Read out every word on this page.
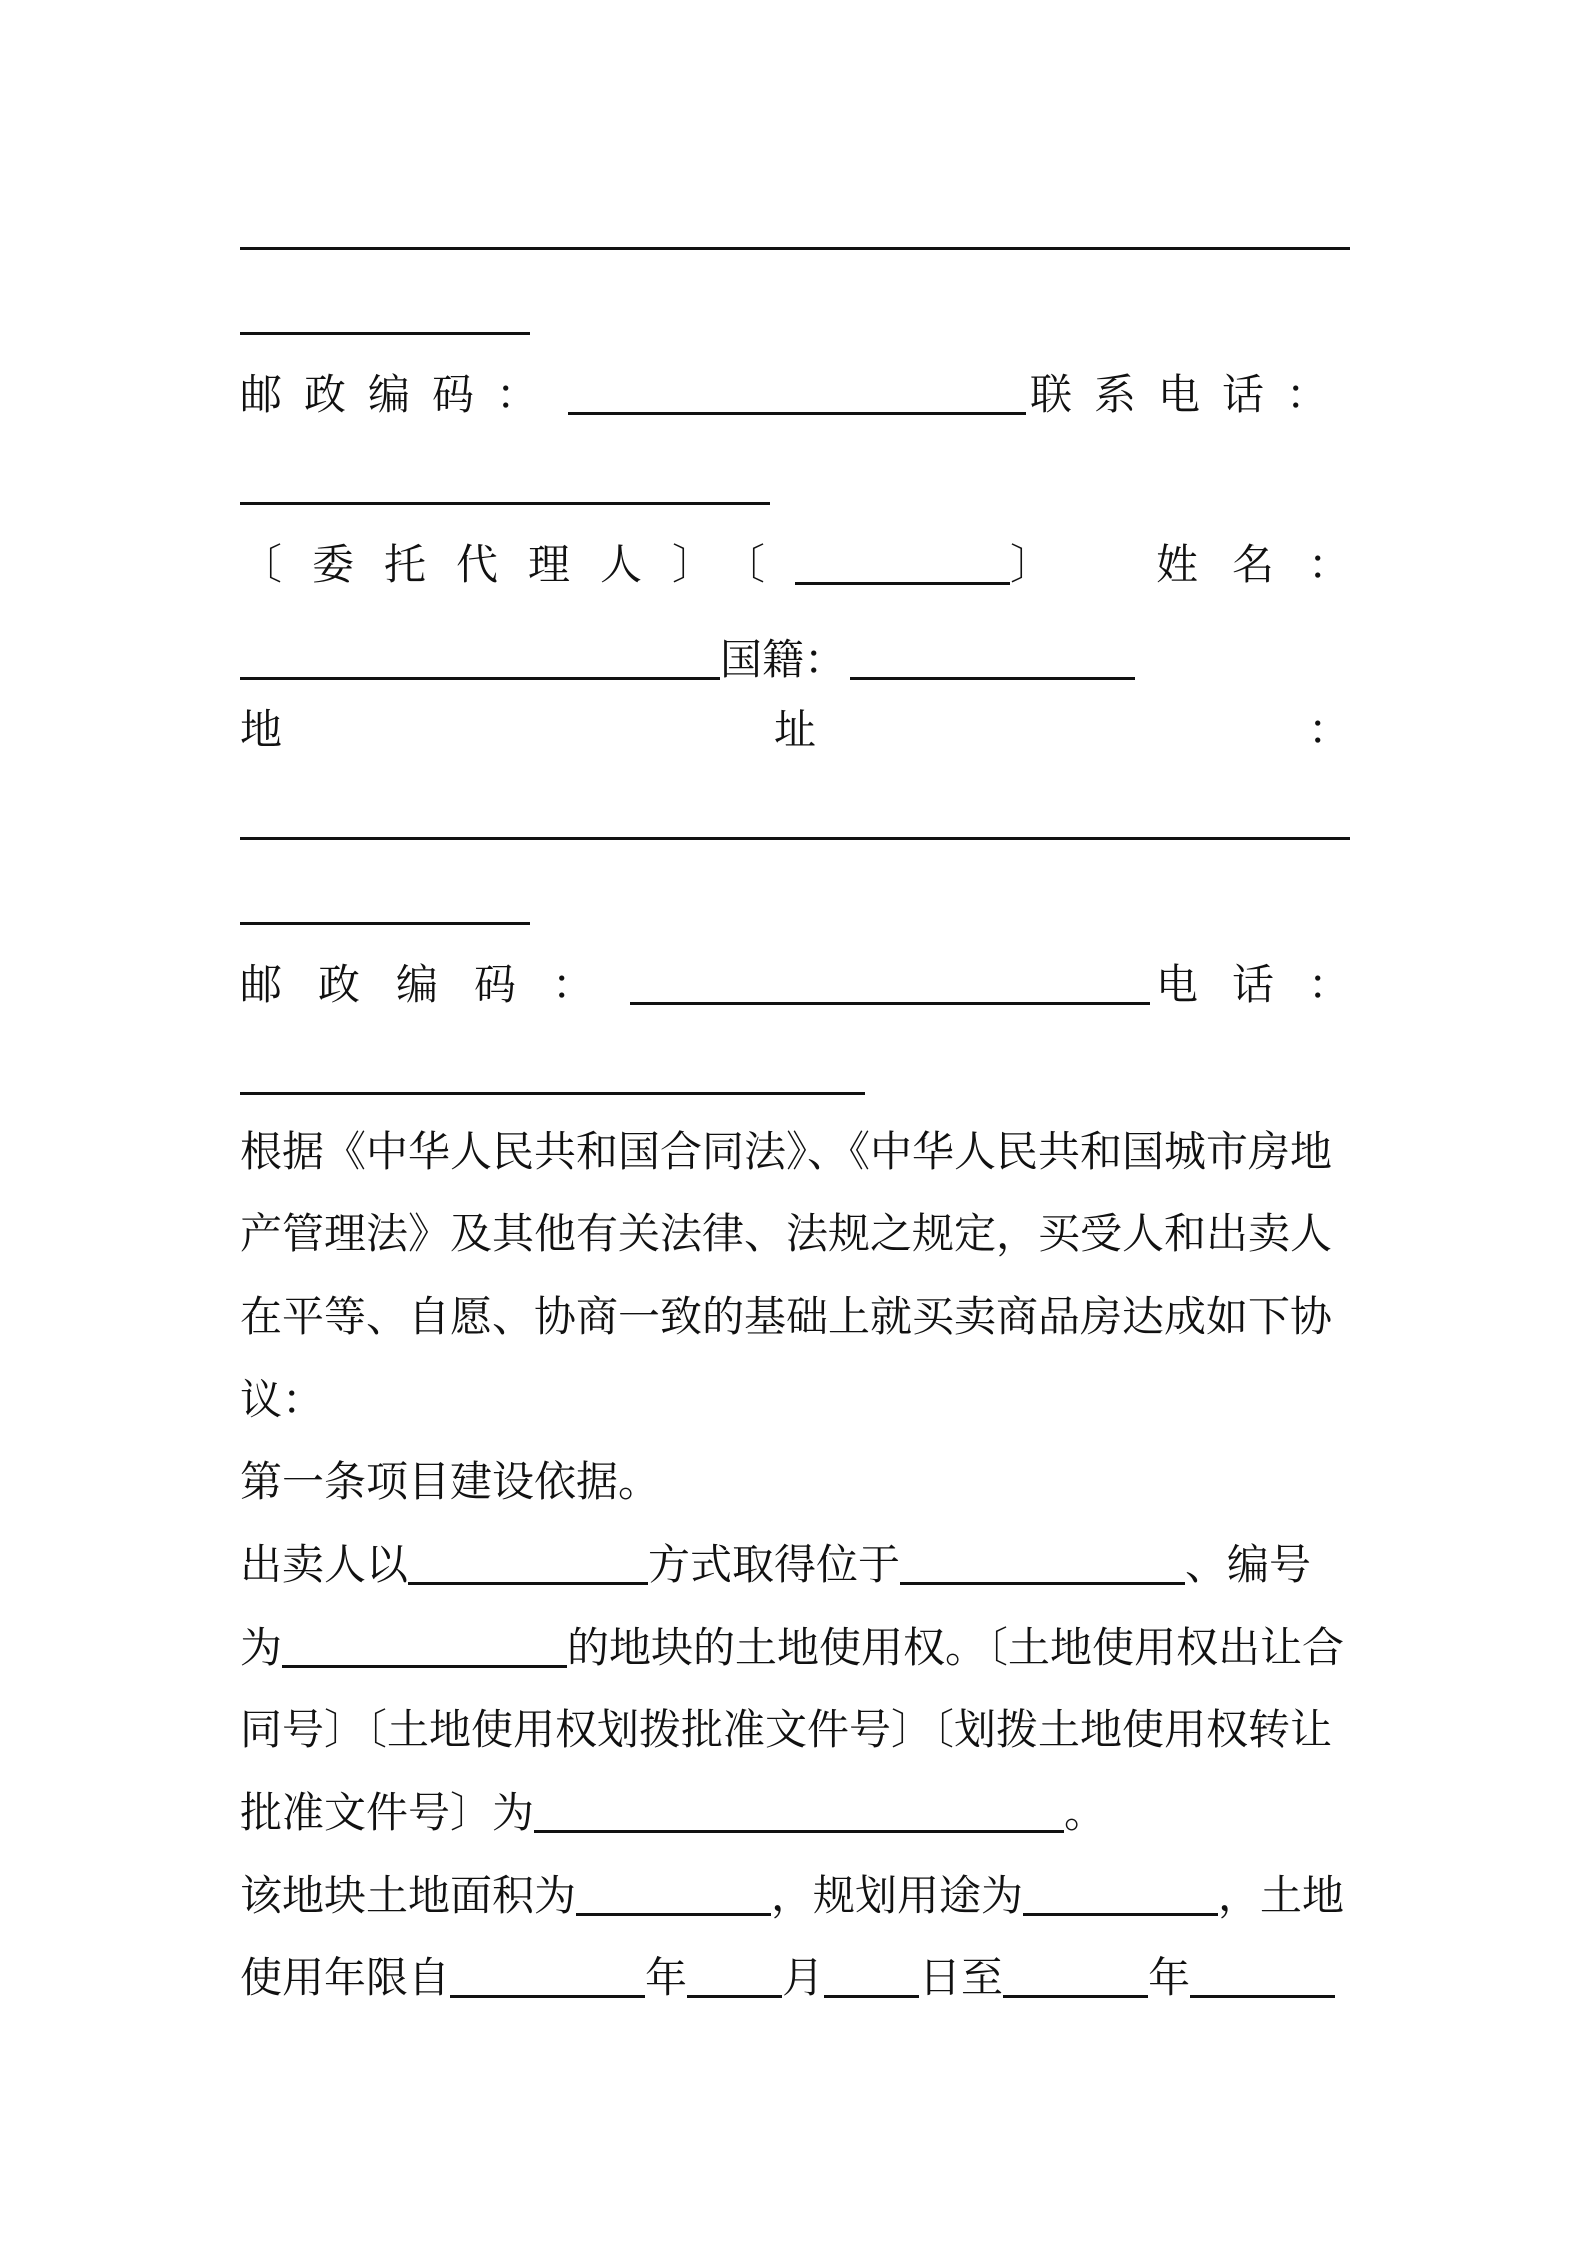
邮政编码：	联系电话：
〔委托代理人〕〔	〕 姓名：
国籍：
地	址	：
邮政编码：	电话：
根据《中华人民共和国合同法》、《中华人民共和国城市房地
产管理法》及其他有关法律、法规之规定，买受人和出卖人
在平等、自愿、协商一致的基础上就买卖商品房达成如下协
议：
第一条项目建设依据。
出卖人以	方式取得位于	、编号
为	的地块的土地使用权。〔土地使用权出让合
同号〕〔土地使用权划拨批准文件号〕〔划拨土地使用权转让
批准文件号〕为	。
该地块土地面积为	，规划用途为	，土地
使用年限自	年 月 日至	年
